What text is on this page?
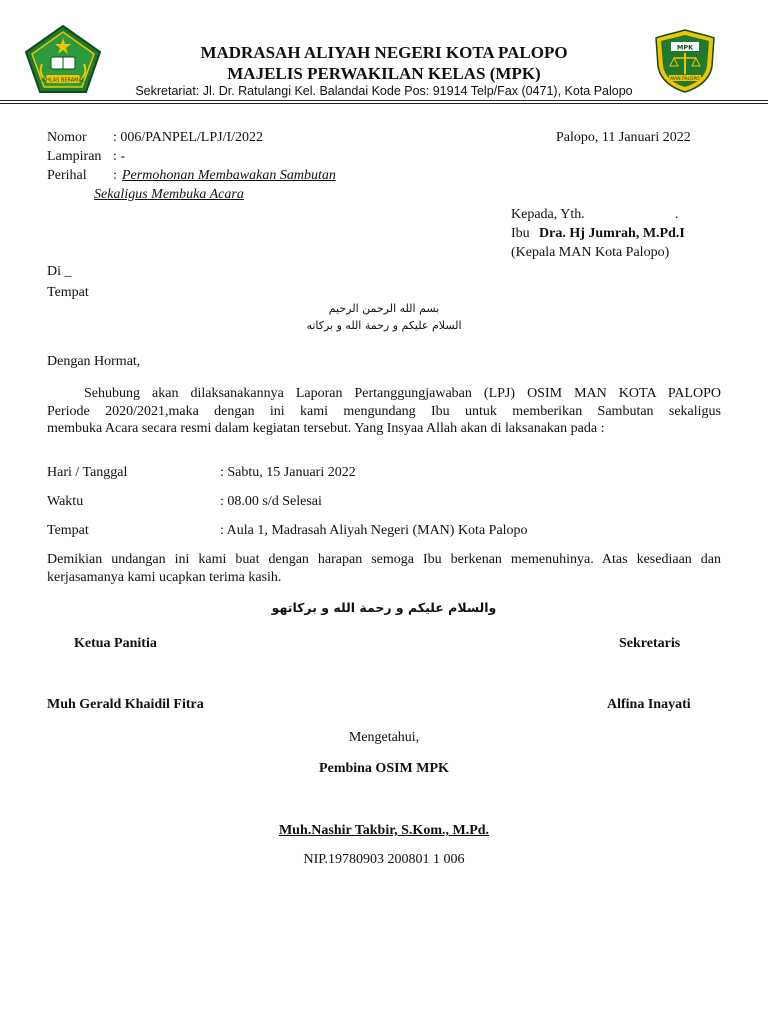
IKHLAS BERAMAL
MADRASAH ALIYAH NEGERI KOTA PALOPO
MAJELIS PERWAKILAN KELAS (MPK)
Sekretariat: Jl. Dr. Ratulangi Kel. Balandai Kode Pos: 91914 Telp/Fax (0471), Kota Palopo
MPK
MAN PALOPO
Nomor : 006/PANPEL/LPJ/I/2022	Palopo, 11 Januari 2022
Lampiran : -
Perihal : Permohonan Membawakan Sambutan
Sekaligus Membuka Acara
Kepada, Yth.	.
Ibu Dra. Hj Jumrah, M.Pd.I
(Kepala MAN Kota Palopo)
Di _
Tempat
بسم الله الرحمن الرحيم
السلام عليكم و رحمة الله و بركاته
Dengan Hormat,

Sehubung akan dilaksanakannya Laporan Pertanggungjawaban (LPJ) OSIM MAN KOTA PALOPO

Periode 2020/2021,maka dengan ini kami mengundang Ibu untuk memberikan Sambutan sekaligus

membuka Acara secara resmi dalam kegiatan tersebut. Yang Insyaa Allah akan di laksanakan pada :

Hari / Tanggal	: Sabtu, 15 Januari 2022
Waktu	: 08.00 s/d Selesai
Tempat	: Aula 1, Madrasah Aliyah Negeri (MAN) Kota Palopo

Demikian undangan ini kami buat dengan harapan semoga Ibu berkenan memenuhinya. Atas kesediaan dan

kerjasamanya kami ucapkan terima kasih.

والسلام عليكم و رحمة الله و بركاتهو
Ketua Panitia	Sekretaris
Muh Gerald Khaidil Fitra	Alfina Inayati
Mengetahui,
Pembina OSIM MPK
Muh.Nashir Takbir, S.Kom., M.Pd.
NIP.19780903 200801 1 006
